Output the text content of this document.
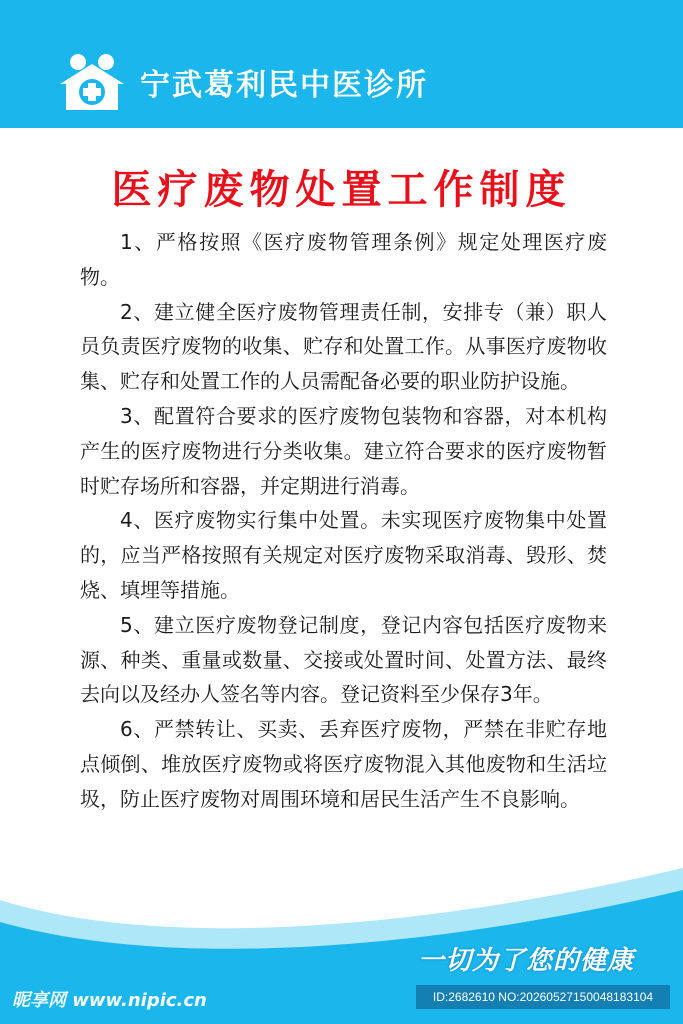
宁武葛利民中医诊所
医疗废物处置工作制度

1、严格按照《医疗废物管理条例》规定处理医疗废物。

2、建立健全医疗废物管理责任制，安排专（兼）职人员负责医疗废物的收集、贮存和处置工作。从事医疗废物收集、贮存和处置工作的人员需配备必要的职业防护设施。

3、配置符合要求的医疗废物包装物和容器，对本机构产生的医疗废物进行分类收集。建立符合要求的医疗废物暂时贮存场所和容器，并定期进行消毒。

4、医疗废物实行集中处置。未实现医疗废物集中处置的，应当严格按照有关规定对医疗废物采取消毒、毁形、焚烧、填埋等措施。

5、建立医疗废物登记制度，登记内容包括医疗废物来源、种类、重量或数量、交接或处置时间、处置方法、最终去向以及经办人签名等内容。登记资料至少保存3年。

6、严禁转让、买卖、丢弃医疗废物，严禁在非贮存地点倾倒、堆放医疗废物或将医疗废物混入其他废物和生活垃圾，防止医疗废物对周围环境和居民生活产生不良影响。

一切为了您的健康
昵享网 www.nipic.cn	ID:2682610 NO:20260527150048183104
